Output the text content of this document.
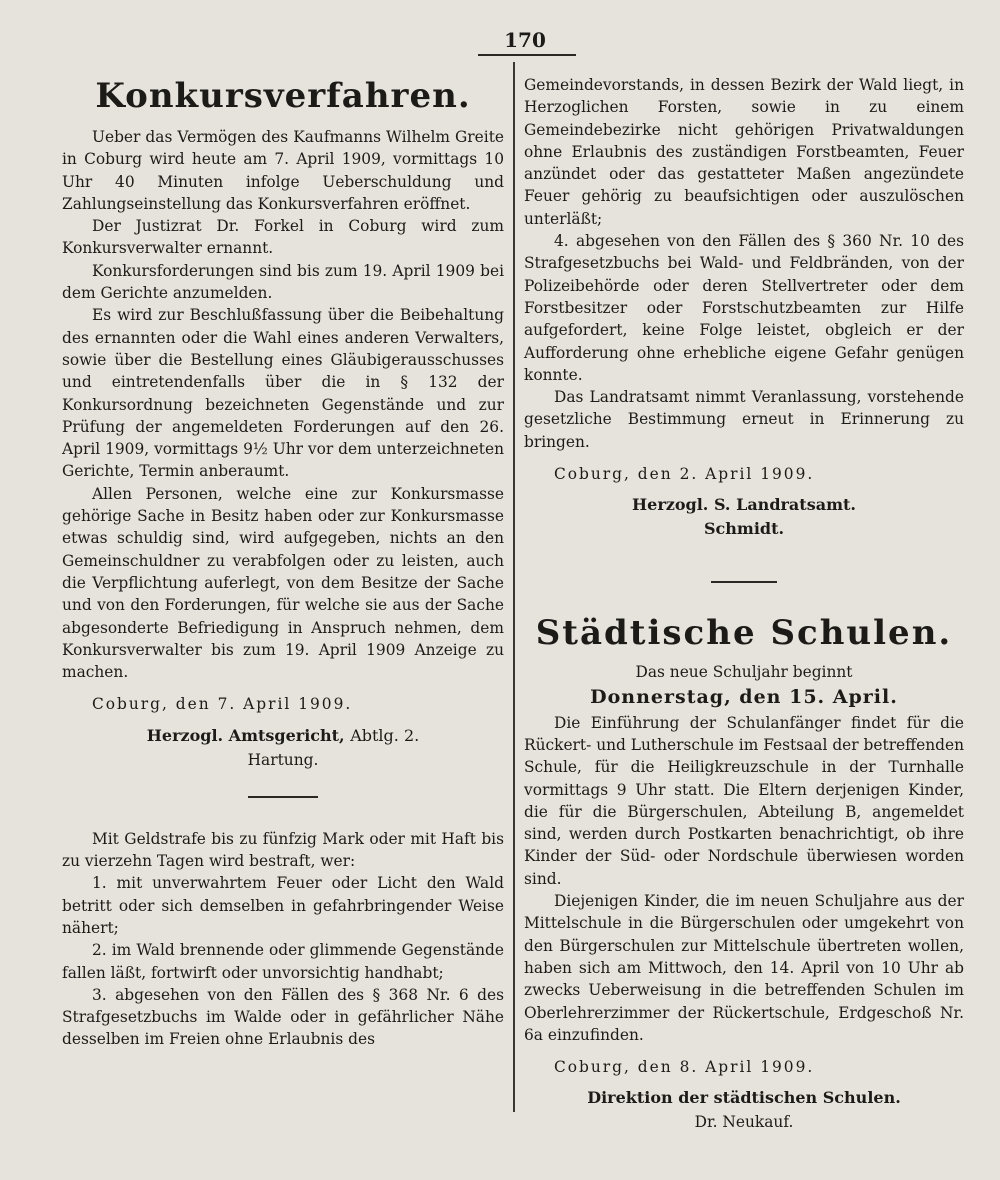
170
Konkursverfahren.

Ueber das Vermögen des Kaufmanns Wilhelm Greite in Coburg wird heute am 7. April 1909, vormittags 10 Uhr 40 Minuten infolge Ueberschuldung und Zahlungseinstellung das Konkursverfahren eröffnet.

Der Justizrat Dr. Forkel in Coburg wird zum Konkursverwalter ernannt.

Konkursforderungen sind bis zum 19. April 1909 bei dem Gerichte anzumelden.

Es wird zur Beschlußfassung über die Beibehaltung des ernannten oder die Wahl eines anderen Verwalters, sowie über die Bestellung eines Gläubigerausschusses und eintretendenfalls über die in § 132 der Konkursordnung bezeichneten Gegenstände und zur Prüfung der angemeldeten Forderungen auf den 26. April 1909, vormittags 9½ Uhr vor dem unterzeichneten Gerichte, Termin anberaumt.

Allen Personen, welche eine zur Konkursmasse gehörige Sache in Besitz haben oder zur Konkursmasse etwas schuldig sind, wird aufgegeben, nichts an den Gemeinschuldner zu verabfolgen oder zu leisten, auch die Verpflichtung auferlegt, von dem Besitze der Sache und von den Forderungen, für welche sie aus der Sache abgesonderte Befriedigung in Anspruch nehmen, dem Konkursverwalter bis zum 19. April 1909 Anzeige zu machen.

Coburg, den 7. April 1909.
Herzogl. Amtsgericht, Abtlg. 2.
Hartung.

Mit Geldstrafe bis zu fünfzig Mark oder mit Haft bis zu vierzehn Tagen wird bestraft, wer:

1. mit unverwahrtem Feuer oder Licht den Wald betritt oder sich demselben in gefahrbringender Weise nähert;

2. im Wald brennende oder glimmende Gegenstände fallen läßt, fortwirft oder unvorsichtig handhabt;

3. abgesehen von den Fällen des § 368 Nr. 6 des Strafgesetzbuchs im Walde oder in gefährlicher Nähe desselben im Freien ohne Erlaubnis des

Gemeindevorstands, in dessen Bezirk der Wald liegt, in Herzoglichen Forsten, sowie in zu einem Gemeindebezirke nicht gehörigen Privatwaldungen ohne Erlaubnis des zuständigen Forstbeamten, Feuer anzündet oder das gestatteter Maßen angezündete Feuer gehörig zu beaufsichtigen oder auszulöschen unterläßt;

4. abgesehen von den Fällen des § 360 Nr. 10 des Strafgesetzbuchs bei Wald- und Feldbränden, von der Polizeibehörde oder deren Stellvertreter oder dem Forstbesitzer oder Forstschutzbeamten zur Hilfe aufgefordert, keine Folge leistet, obgleich er der Aufforderung ohne erhebliche eigene Gefahr genügen konnte.

Das Landratsamt nimmt Veranlassung, vorstehende gesetzliche Bestimmung erneut in Erinnerung zu bringen.

Coburg, den 2. April 1909.
Herzogl. S. Landratsamt.
Schmidt.
Städtische Schulen.
Das neue Schuljahr beginnt
Donnerstag, den 15. April.

Die Einführung der Schulanfänger findet für die Rückert- und Lutherschule im Festsaal der betreffenden Schule, für die Heiligkreuzschule in der Turnhalle vormittags 9 Uhr statt. Die Eltern derjenigen Kinder, die für die Bürgerschulen, Abteilung B, angemeldet sind, werden durch Postkarten benachrichtigt, ob ihre Kinder der Süd- oder Nordschule überwiesen worden sind.

Diejenigen Kinder, die im neuen Schuljahre aus der Mittelschule in die Bürgerschulen oder umgekehrt von den Bürgerschulen zur Mittelschule übertreten wollen, haben sich am Mittwoch, den 14. April von 10 Uhr ab zwecks Ueberweisung in die betreffenden Schulen im Oberlehrerzimmer der Rückertschule, Erdgeschoß Nr. 6a einzufinden.

Coburg, den 8. April 1909.
Direktion der städtischen Schulen.
Dr. Neukauf.
